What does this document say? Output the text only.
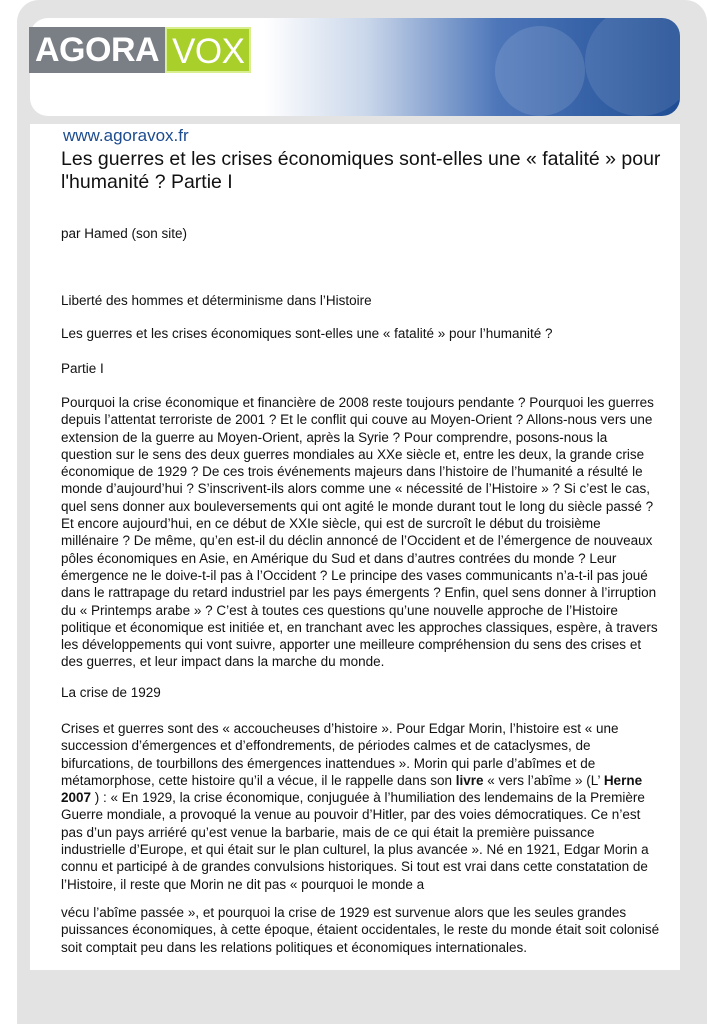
AGORA VOX
www.agoravox.fr
Les guerres et les crises économiques sont-elles une « fatalité » pour l'humanité ? Partie I
par Hamed (son site)
Liberté des hommes et déterminisme dans l’Histoire
Les guerres et les crises économiques sont-elles une « fatalité » pour l’humanité ?
Partie I

Pourquoi la crise économique et financière de 2008 reste toujours pendante ? Pourquoi les guerres depuis l’attentat terroriste de 2001 ? Et le conflit qui couve au Moyen-Orient ? Allons-nous vers une extension de la guerre au Moyen-Orient, après la Syrie ? Pour comprendre, posons-nous la question sur le sens des deux guerres mondiales au XXe siècle et, entre les deux, la grande crise économique de 1929 ? De ces trois événements majeurs dans l’histoire de l’humanité a résulté le monde d’aujourd’hui ? S’inscrivent-ils alors comme une « nécessité de l’Histoire » ? Si c’est le cas, quel sens donner aux bouleversements qui ont agité le monde durant tout le long du siècle passé ? Et encore aujourd’hui, en ce début de XXIe siècle, qui est de surcroît le début du troisième millénaire ? De même, qu’en est-il du déclin annoncé de l’Occident et de l’émergence de nouveaux pôles économiques en Asie, en Amérique du Sud et dans d’autres contrées du monde ? Leur émergence ne le doive-t-il pas à l’Occident ? Le principe des vases communicants n’a-t-il pas joué dans le rattrapage du retard industriel par les pays émergents ? Enfin, quel sens donner à l’irruption du « Printemps arabe » ? C’est à toutes ces questions qu’une nouvelle approche de l’Histoire politique et économique est initiée et, en tranchant avec les approches classiques, espère, à travers les développements qui vont suivre, apporter une meilleure compréhension du sens des crises et des guerres, et leur impact dans la marche du monde.

La crise de 1929

Crises et guerres sont des « accoucheuses d’histoire ». Pour Edgar Morin, l’histoire est « une succession d’émergences et d’effondrements, de périodes calmes et de cataclysmes, de bifurcations, de tourbillons des émergences inattendues ». Morin qui parle d’abîmes et de métamorphose, cette histoire qu’il a vécue, il le rappelle dans son livre « vers l’abîme » (L’ Herne 2007 ) : « En 1929, la crise économique, conjuguée à l’humiliation des lendemains de la Première Guerre mondiale, a provoqué la venue au pouvoir d’Hitler, par des voies démocratiques. Ce n’est pas d’un pays arriéré qu’est venue la barbarie, mais de ce qui était la première puissance industrielle d’Europe, et qui était sur le plan culturel, la plus avancée ». Né en 1921, Edgar Morin a connu et participé à de grandes convulsions historiques. Si tout est vrai dans cette constatation de l’Histoire, il reste que Morin ne dit pas « pourquoi le monde a

vécu l’abîme passée », et pourquoi la crise de 1929 est survenue alors que les seules grandes puissances économiques, à cette époque, étaient occidentales, le reste du monde était soit colonisé soit comptait peu dans les relations politiques et économiques internationales.
